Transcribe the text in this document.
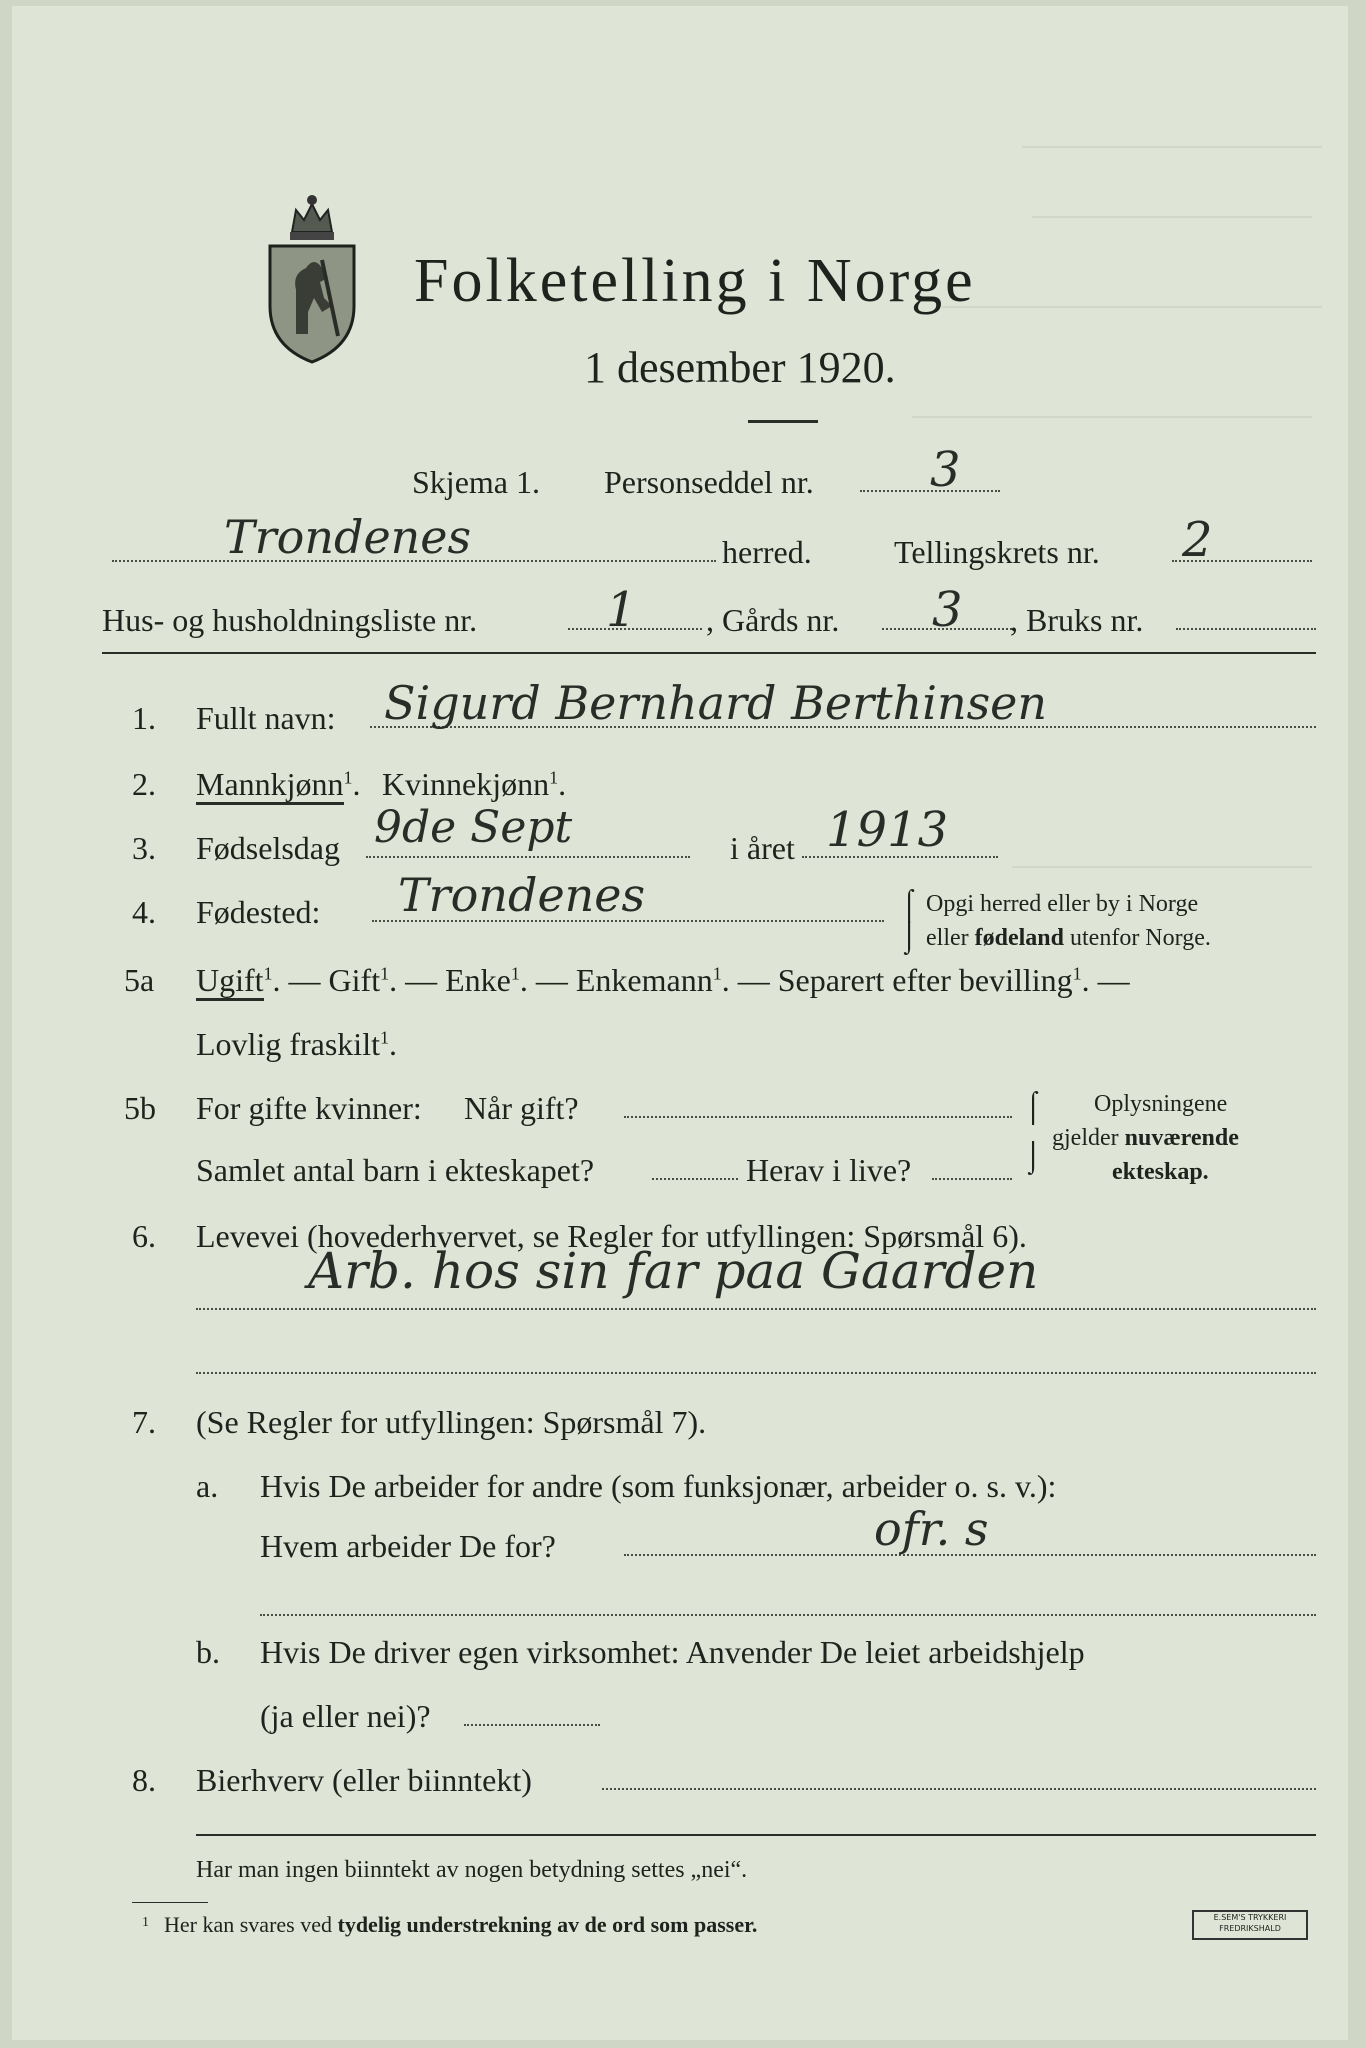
Folketelling i Norge
1 desember 1920.
Skjema 1. Personseddel nr. 3
Trondenes	herred.	Tellingskrets nr. 2
Hus- og husholdningsliste nr.	1 , Gårds nr. 3 , Bruks nr.
1. Fullt navn: Sigurd Bernhard Berthinsen
2. Mannkjønn$^1$. Kvinnekjønn$^1$.
3. Fødselsdag 9de Sept	i året 1913
4. Fødested: Trondenes	⌠
⌡
Opgi herred eller by i Norge
eller fødeland utenfor Norge.
5a Ugift$^1$. — Gift$^1$. — Enke$^1$. — Enkemann$^1$. — Separert efter bevilling$^1$. —
Lovlig fraskilt$^1$.
5b For gifte kvinner: Når gift?
Samlet antal barn i ekteskapet?	Herav i live?
⌠
⌡
Oplysningene
gjelder nuværende
ekteskap.
6. Levevei (hovederhvervet, se Regler for utfyllingen: Spørsmål 6).
Arb. hos sin far paa Gaarden
7. (Se Regler for utfyllingen: Spørsmål 7).
a. Hvis De arbeider for andre (som funksjonær, arbeider o. s. v.):
Hvem arbeider De for?	ofr. s
b. Hvis De driver egen virksomhet: Anvender De leiet arbeidshjelp
(ja eller nei)?
8. Bierhverv (eller biinntekt)
Har man ingen biinntekt av nogen betydning settes „nei“.
1 Her kan svares ved tydelig understrekning av de ord som passer.	E.SEM'S TRYKKERI
FREDRIKSHALD
